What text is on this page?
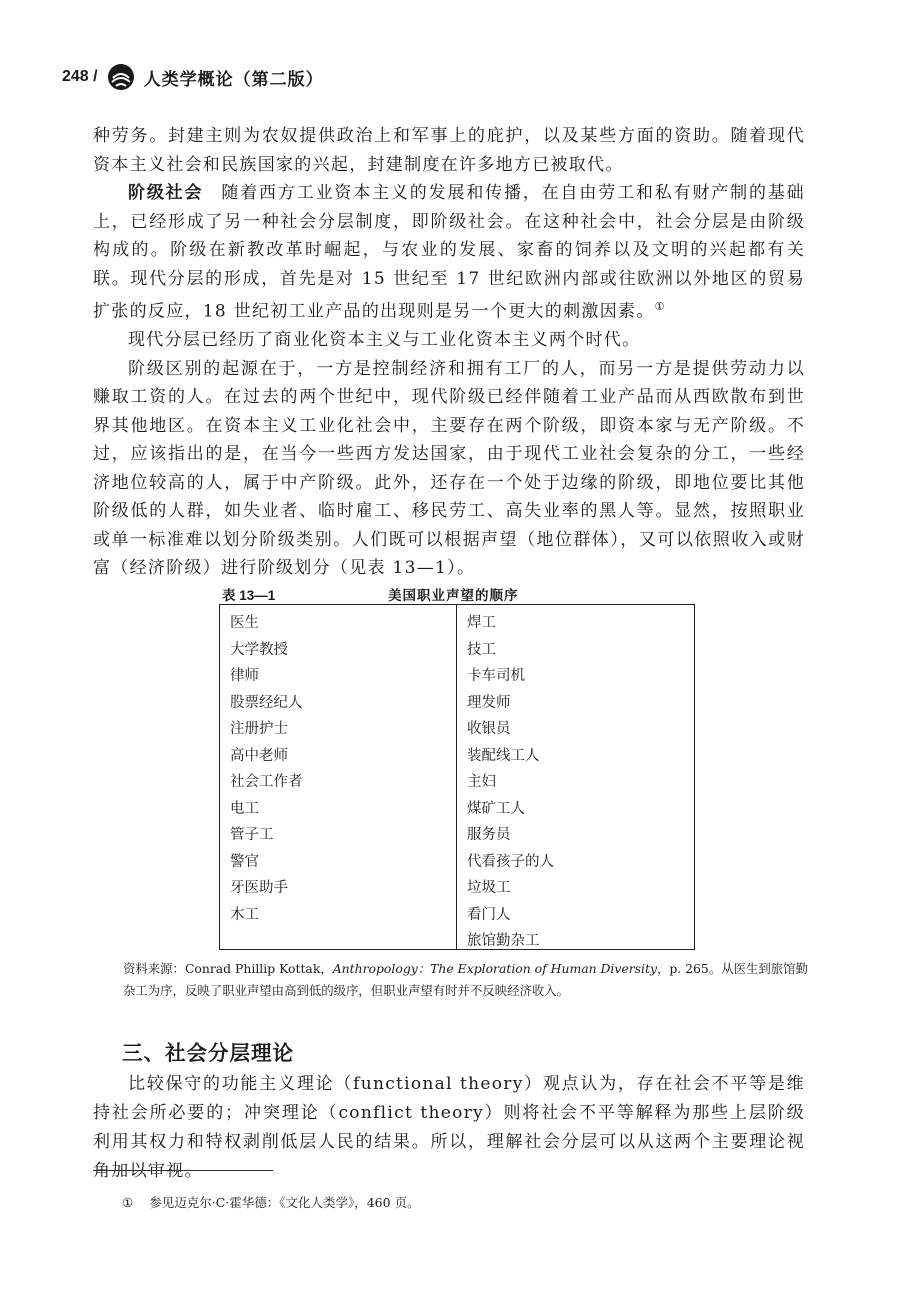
248 /	人类学概论（第二版）

种劳务。封建主则为农奴提供政治上和军事上的庇护，以及某些方面的资助。随着现代资本主义社会和民族国家的兴起，封建制度在许多地方已被取代。

阶级社会 随着西方工业资本主义的发展和传播，在自由劳工和私有财产制的基础上，已经形成了另一种社会分层制度，即阶级社会。在这种社会中，社会分层是由阶级构成的。阶级在新教改革时崛起，与农业的发展、家畜的饲养以及文明的兴起都有关联。现代分层的形成，首先是对 15 世纪至 17 世纪欧洲内部或往欧洲以外地区的贸易扩张的反应，18 世纪初工业产品的出现则是另一个更大的刺激因素。①

现代分层已经历了商业化资本主义与工业化资本主义两个时代。

阶级区别的起源在于，一方是控制经济和拥有工厂的人，而另一方是提供劳动力以赚取工资的人。在过去的两个世纪中，现代阶级已经伴随着工业产品而从西欧散布到世界其他地区。在资本主义工业化社会中，主要存在两个阶级，即资本家与无产阶级。不过，应该指出的是，在当今一些西方发达国家，由于现代工业社会复杂的分工，一些经济地位较高的人，属于中产阶级。此外，还存在一个处于边缘的阶级，即地位要比其他阶级低的人群，如失业者、临时雇工、移民劳工、高失业率的黑人等。显然，按照职业或单一标准难以划分阶级类别。人们既可以根据声望（地位群体），又可以依照收入或财富（经济阶级）进行阶级划分（见表 13—1）。

表 13—1	美国职业声望的顺序
医生
大学教授
律师
股票经纪人
注册护士
高中老师
社会工作者
电工
管子工
警官
牙医助手
木工
焊工
技工
卡车司机
理发师
收银员
装配线工人
主妇
煤矿工人
服务员
代看孩子的人
垃圾工
看门人
旅馆勤杂工
资料来源：Conrad Phillip Kottak，Anthropology：The Exploration of Human Diversity，p. 265。从医生到旅馆勤杂工为序，反映了职业声望由高到低的级序，但职业声望有时并不反映经济收入。
三、社会分层理论

比较保守的功能主义理论（functional theory）观点认为，存在社会不平等是维持社会所必要的；冲突理论（conflict theory）则将社会不平等解释为那些上层阶级利用其权力和特权剥削低层人民的结果。所以，理解社会分层可以从这两个主要理论视角加以审视。

① 参见迈克尔·C·霍华德：《文化人类学》，460 页。
